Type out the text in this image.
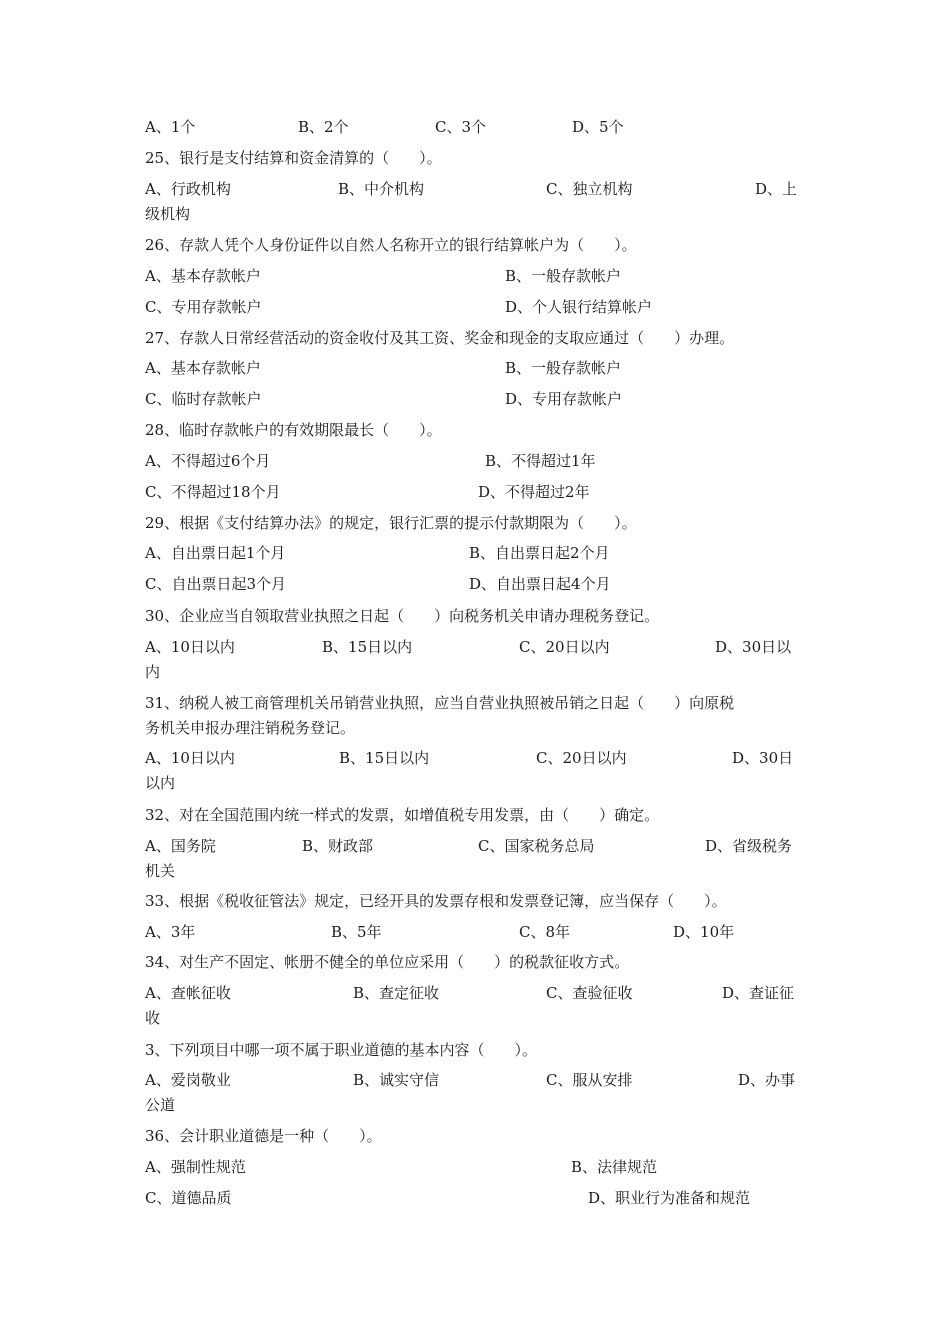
A、1个	B、2个	C、3个	D、5个
25、银行是支付结算和资金清算的（　　）。
A、行政机构	B、中介机构	C、独立机构	D、上
级机构
26、存款人凭个人身份证件以自然人名称开立的银行结算帐户为（　　）。
A、基本存款帐户	B、一般存款帐户
C、专用存款帐户	D、个人银行结算帐户
27、存款人日常经营活动的资金收付及其工资、奖金和现金的支取应通过（　　）办理。
A、基本存款帐户	B、一般存款帐户
C、临时存款帐户	D、专用存款帐户
28、临时存款帐户的有效期限最长（　　）。
A、不得超过6个月	B、不得超过1年
C、不得超过18个月	D、不得超过2年
29、根据《支付结算办法》的规定，银行汇票的提示付款期限为（　　）。
A、自出票日起1个月	B、自出票日起2个月
C、自出票日起3个月	D、自出票日起4个月
30、企业应当自领取营业执照之日起（　　）向税务机关申请办理税务登记。
A、10日以内	B、15日以内	C、20日以内	D、30日以
内
31、纳税人被工商管理机关吊销营业执照，应当自营业执照被吊销之日起（　　）向原税
务机关申报办理注销税务登记。
A、10日以内	B、15日以内	C、20日以内	D、30日
以内
32、对在全国范围内统一样式的发票，如增值税专用发票，由（　　）确定。
A、国务院	B、财政部	C、国家税务总局	D、省级税务
机关
33、根据《税收征管法》规定，已经开具的发票存根和发票登记簿，应当保存（　　）。
A、3年	B、5年	C、8年	D、10年
34、对生产不固定、帐册不健全的单位应采用（　　）的税款征收方式。
A、查帐征收	B、查定征收	C、查验征收	D、查证征
收
3、下列项目中哪一项不属于职业道德的基本内容（　　）。
A、爱岗敬业	B、诚实守信	C、服从安排	D、办事
公道
36、会计职业道德是一种（　　）。
A、强制性规范	B、法律规范
C、道德品质	D、职业行为准备和规范
